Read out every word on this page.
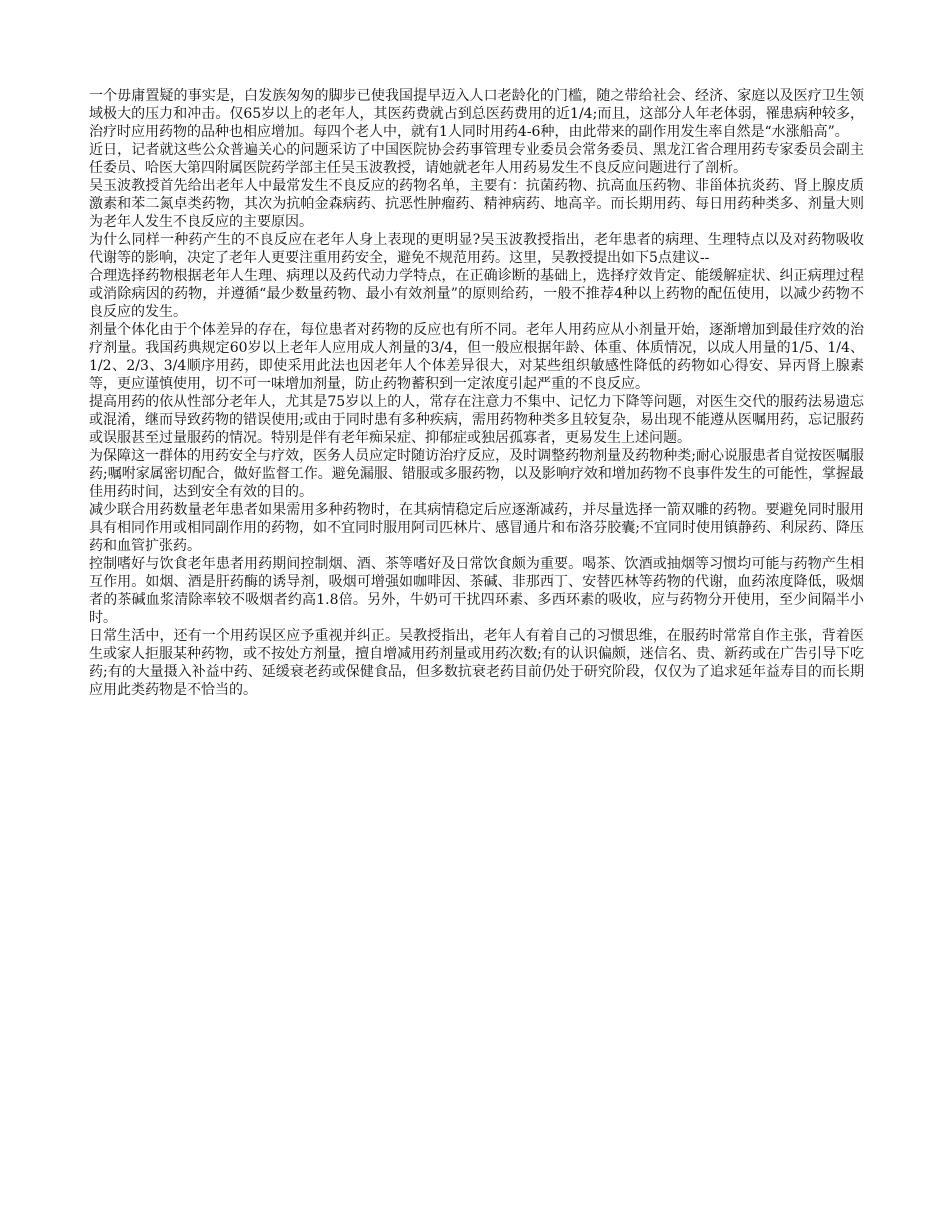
一个毋庸置疑的事实是，白发族匆匆的脚步已使我国提早迈入人口老龄化的门槛，随之带给社会、经济、家庭以及医疗卫生领域极大的压力和冲击。仅65岁以上的老年人，其医药费就占到总医药费用的近1/4;而且，这部分人年老体弱，罹患病种较多，治疗时应用药物的品种也相应增加。每四个老人中，就有1人同时用药4-6种，由此带来的副作用发生率自然是“水涨船高”。

近日，记者就这些公众普遍关心的问题采访了中国医院协会药事管理专业委员会常务委员、黑龙江省合理用药专家委员会副主任委员、哈医大第四附属医院药学部主任吴玉波教授，请她就老年人用药易发生不良反应问题进行了剖析。

吴玉波教授首先给出老年人中最常发生不良反应的药物名单，主要有：抗菌药物、抗高血压药物、非甾体抗炎药、肾上腺皮质激素和苯二氮卓类药物，其次为抗帕金森病药、抗恶性肿瘤药、精神病药、地高辛。而长期用药、每日用药种类多、剂量大则为老年人发生不良反应的主要原因。

为什么同样一种药产生的不良反应在老年人身上表现的更明显?吴玉波教授指出，老年患者的病理、生理特点以及对药物吸收代谢等的影响，决定了老年人更要注重用药安全，避免不规范用药。这里，吴教授提出如下5点建议--

合理选择药物根据老年人生理、病理以及药代动力学特点，在正确诊断的基础上，选择疗效肯定、能缓解症状、纠正病理过程或消除病因的药物，并遵循“最少数量药物、最小有效剂量”的原则给药，一般不推荐4种以上药物的配伍使用，以减少药物不良反应的发生。

剂量个体化由于个体差异的存在，每位患者对药物的反应也有所不同。老年人用药应从小剂量开始，逐渐增加到最佳疗效的治疗剂量。我国药典规定60岁以上老年人应用成人剂量的3/4，但一般应根据年龄、体重、体质情况，以成人用量的1/5、1/4、1/2、2/3、3/4顺序用药，即使采用此法也因老年人个体差异很大，对某些组织敏感性降低的药物如心得安、异丙肾上腺素等，更应谨慎使用，切不可一味增加剂量，防止药物蓄积到一定浓度引起严重的不良反应。

提高用药的依从性部分老年人，尤其是75岁以上的人，常存在注意力不集中、记忆力下降等问题，对医生交代的服药法易遗忘或混淆，继而导致药物的错误使用;或由于同时患有多种疾病，需用药物种类多且较复杂，易出现不能遵从医嘱用药，忘记服药或误服甚至过量服药的情况。特别是伴有老年痴呆症、抑郁症或独居孤寡者，更易发生上述问题。

为保障这一群体的用药安全与疗效，医务人员应定时随访治疗反应，及时调整药物剂量及药物种类;耐心说服患者自觉按医嘱服药;嘱咐家属密切配合，做好监督工作。避免漏服、错服或多服药物，以及影响疗效和增加药物不良事件发生的可能性，掌握最佳用药时间，达到安全有效的目的。

减少联合用药数量老年患者如果需用多种药物时，在其病情稳定后应逐渐减药，并尽量选择一箭双雕的药物。要避免同时服用具有相同作用或相同副作用的药物，如不宜同时服用阿司匹林片、感冒通片和布洛芬胶囊;不宜同时使用镇静药、利尿药、降压药和血管扩张药。

控制嗜好与饮食老年患者用药期间控制烟、酒、茶等嗜好及日常饮食颇为重要。喝茶、饮酒或抽烟等习惯均可能与药物产生相互作用。如烟、酒是肝药酶的诱导剂，吸烟可增强如咖啡因、茶碱、非那西丁、安替匹林等药物的代谢，血药浓度降低，吸烟者的茶碱血浆清除率较不吸烟者约高1.8倍。另外，牛奶可干扰四环素、多西环素的吸收，应与药物分开使用，至少间隔半小时。

日常生活中，还有一个用药误区应予重视并纠正。吴教授指出，老年人有着自己的习惯思维，在服药时常常自作主张，背着医生或家人拒服某种药物，或不按处方剂量，擅自增减用药剂量或用药次数;有的认识偏颇，迷信名、贵、新药或在广告引导下吃药;有的大量摄入补益中药、延缓衰老药或保健食品，但多数抗衰老药目前仍处于研究阶段，仅仅为了追求延年益寿目的而长期应用此类药物是不恰当的。
